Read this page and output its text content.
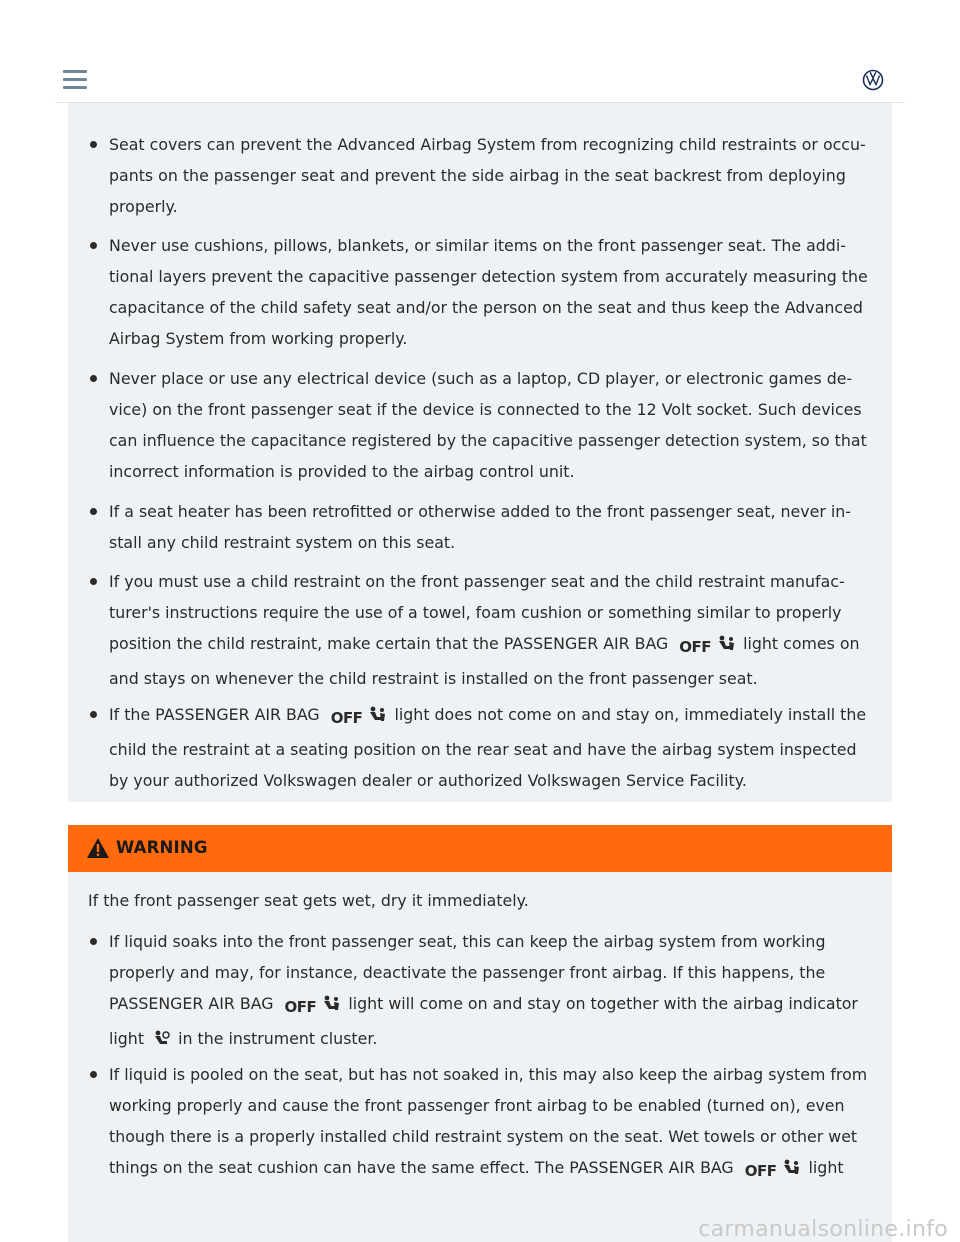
Seat covers can prevent the Advanced Airbag System from recognizing child restraints or occu-
pants on the passenger seat and prevent the side airbag in the seat backrest from deploying
properly.
Never use cushions, pillows, blankets, or similar items on the front passenger seat. The addi-
tional layers prevent the capacitive passenger detection system from accurately measuring the
capacitance of the child safety seat and/or the person on the seat and thus keep the Advanced
Airbag System from working properly.
Never place or use any electrical device (such as a laptop, CD player, or electronic games de-
vice) on the front passenger seat if the device is connected to the 12 Volt socket. Such devices
can influence the capacitance registered by the capacitive passenger detection system, so that
incorrect information is provided to the airbag control unit.
If a seat heater has been retrofitted or otherwise added to the front passenger seat, never in-
stall any child restraint system on this seat.
If you must use a child restraint on the front passenger seat and the child restraint manufac-
turer's instructions require the use of a towel, foam cushion or something similar to properly
position the child restraint, make certain that the PASSENGER AIR BAG OFF light comes on
and stays on whenever the child restraint is installed on the front passenger seat.
If the PASSENGER AIR BAG OFF light does not come on and stay on, immediately install the
child the restraint at a seating position on the rear seat and have the airbag system inspected
by your authorized Volkswagen dealer or authorized Volkswagen Service Facility.
WARNING
If the front passenger seat gets wet, dry it immediately.
If liquid soaks into the front passenger seat, this can keep the airbag system from working
properly and may, for instance, deactivate the passenger front airbag. If this happens, the
PASSENGER AIR BAG OFF light will come on and stay on together with the airbag indicator
light in the instrument cluster.
If liquid is pooled on the seat, but has not soaked in, this may also keep the airbag system from
working properly and cause the front passenger front airbag to be enabled (turned on), even
though there is a properly installed child restraint system on the seat. Wet towels or other wet
things on the seat cushion can have the same effect. The PASSENGER AIR BAG OFF light
carmanualsonline.info
